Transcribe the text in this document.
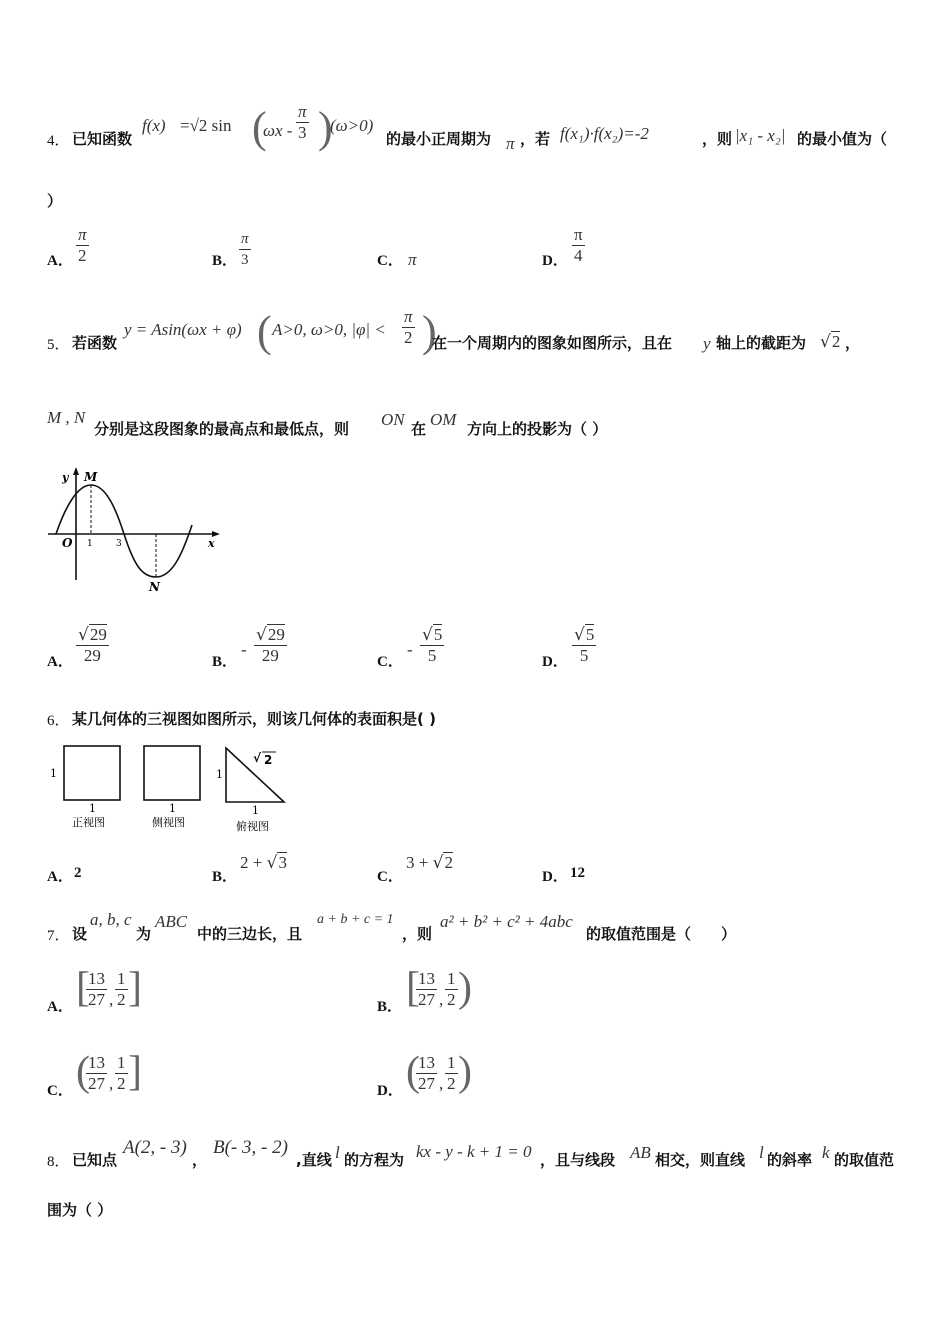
4． 已知函数
f(x) =√2 sin (
ωx - $\frac{\pi}{3}$ )
(ω>0)
的最小正周期为 π ，若 f(x₁)·f(x₂)=-2	，则 |x₁ - x₂| 的最小值为（
）
A． $\frac{\pi}{2}$	B． $\frac{\pi}{3}$	C． π	D． $\frac{\pi}{4}$
5． 若函数
y = Asin(ωx + φ) ( A>0, ω>0, $|\varphi| < \frac{\pi}{2}$ )
在一个周期内的图象如图所示，且在 y 轴上的截距为 √2 ，
M , N
分别是这段图象的最高点和最低点，则 ON 在 OM 方向上的投影为（ ）
y
x
O
M
N
1	3
A． $\frac{√29}{29}$	B．
- $\frac{√29}{29}$	C．
- $\frac{√5}{5}$	D． $\frac{√5}{5}$
6． 某几何体的三视图如图所示，则该几何体的表面积是( )
1
1
正视图
1
侧视图
1
1
俯视图
√ 2
A． 2	B．
2 + √3
C．
3 + √2
D． 12
7． 设
a, b, c
为
ABC
中的三边长，且
a + b + c = 1
，则
a² + b² + c² + 4abc
的取值范围是（　　）
A． [
$\frac{13}{27}$ , $\frac{1}{2}$ ]	B． [
$\frac{13}{27}$ , $\frac{1}{2}$ )
C． (
$\frac{13}{27}$ , $\frac{1}{2}$ ]	D． (
$\frac{13}{27}$ , $\frac{1}{2}$ )
8． 已知点
A(2, - 3)
，
B(- 3, - 2)
,直线 l 的方程为 kx - y - k + 1 = 0 ，且与线段 AB 相交，则直线 l 的斜率 k 的取值范
围为（ ）
